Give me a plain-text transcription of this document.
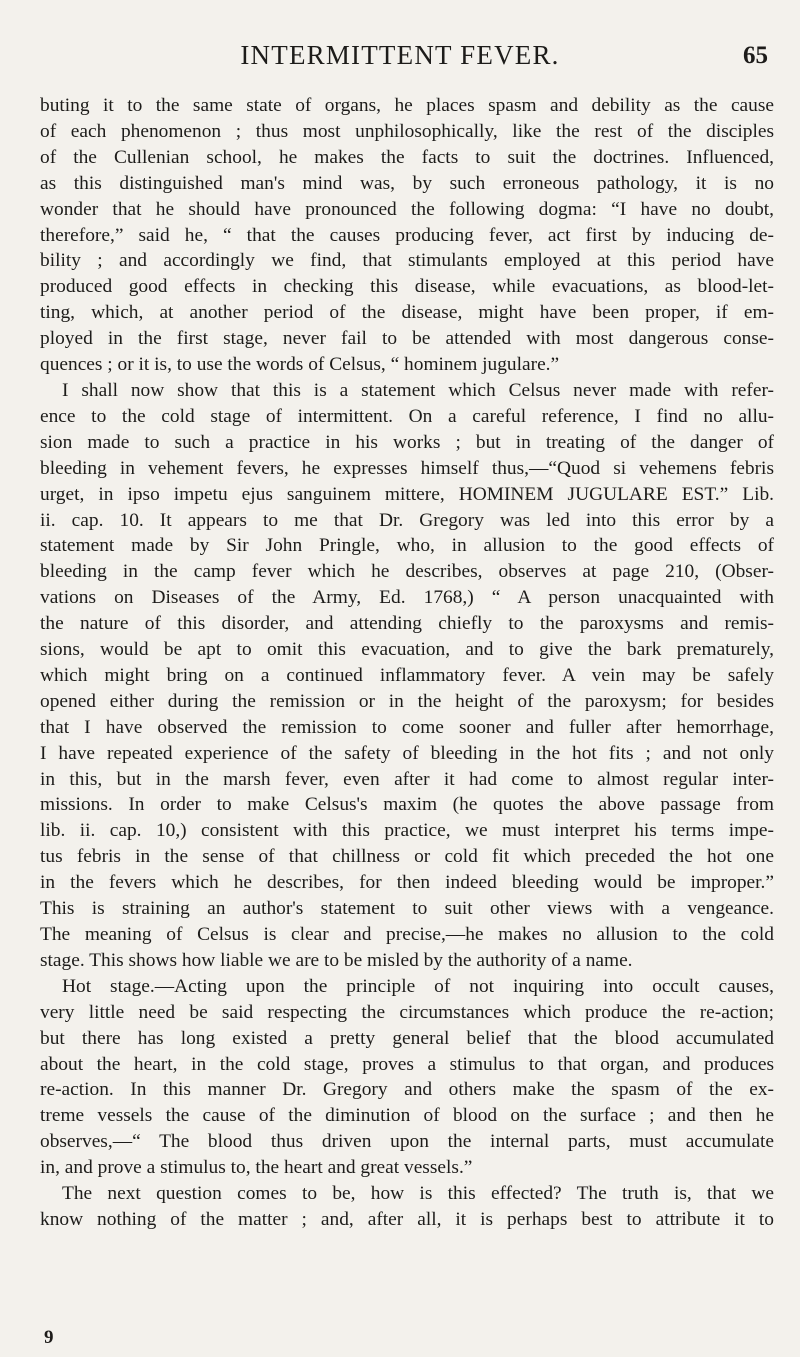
INTERMITTENT FEVER.	65

buting it to the same state of organs, he places spasm and debility as the cause

of each phenomenon ; thus most unphilosophically, like the rest of the disciples

of the Cullenian school, he makes the facts to suit the doctrines. Influenced,

as this distinguished man's mind was, by such erroneous pathology, it is no

wonder that he should have pronounced the following dogma: “I have no doubt,

therefore,” said he, “ that the causes producing fever, act first by inducing de-

bility ; and accordingly we find, that stimulants employed at this period have

produced good effects in checking this disease, while evacuations, as blood-let-

ting, which, at another period of the disease, might have been proper, if em-

ployed in the first stage, never fail to be attended with most dangerous conse-

quences ; or it is, to use the words of Celsus, “ hominem jugulare.”

I shall now show that this is a statement which Celsus never made with refer-

ence to the cold stage of intermittent. On a careful reference, I find no allu-

sion made to such a practice in his works ; but in treating of the danger of

bleeding in vehement fevers, he expresses himself thus,—“Quod si vehemens febris

urget, in ipso impetu ejus sanguinem mittere, HOMINEM JUGULARE EST.” Lib.

ii. cap. 10. It appears to me that Dr. Gregory was led into this error by a

statement made by Sir John Pringle, who, in allusion to the good effects of

bleeding in the camp fever which he describes, observes at page 210, (Obser-

vations on Diseases of the Army, Ed. 1768,) “ A person unacquainted with

the nature of this disorder, and attending chiefly to the paroxysms and remis-

sions, would be apt to omit this evacuation, and to give the bark prematurely,

which might bring on a continued inflammatory fever. A vein may be safely

opened either during the remission or in the height of the paroxysm; for besides

that I have observed the remission to come sooner and fuller after hemorrhage,

I have repeated experience of the safety of bleeding in the hot fits ; and not only

in this, but in the marsh fever, even after it had come to almost regular inter-

missions. In order to make Celsus's maxim (he quotes the above passage from

lib. ii. cap. 10,) consistent with this practice, we must interpret his terms impe-

tus febris in the sense of that chillness or cold fit which preceded the hot one

in the fevers which he describes, for then indeed bleeding would be improper.”

This is straining an author's statement to suit other views with a vengeance.

The meaning of Celsus is clear and precise,—he makes no allusion to the cold

stage. This shows how liable we are to be misled by the authority of a name.

Hot stage.—Acting upon the principle of not inquiring into occult causes,

very little need be said respecting the circumstances which produce the re-action;

but there has long existed a pretty general belief that the blood accumulated

about the heart, in the cold stage, proves a stimulus to that organ, and produces

re-action. In this manner Dr. Gregory and others make the spasm of the ex-

treme vessels the cause of the diminution of blood on the surface ; and then he

observes,—“ The blood thus driven upon the internal parts, must accumulate

in, and prove a stimulus to, the heart and great vessels.”

The next question comes to be, how is this effected? The truth is, that we

know nothing of the matter ; and, after all, it is perhaps best to attribute it to

9
